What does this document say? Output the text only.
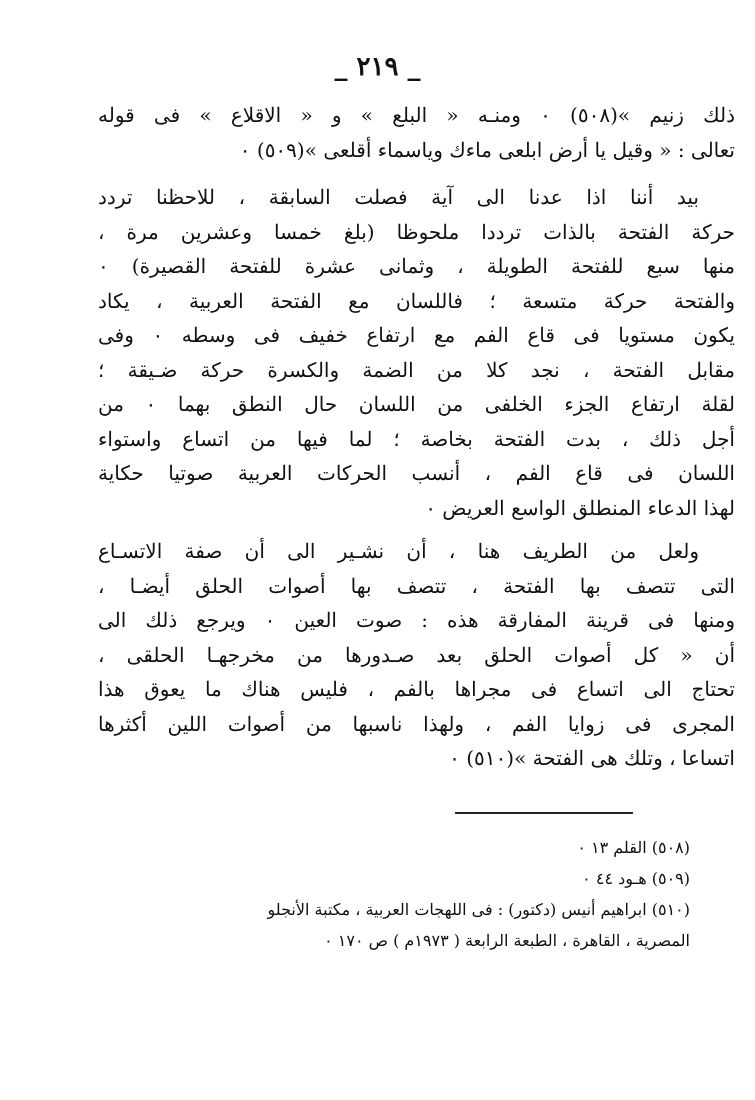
_ ٢١٩ _
ذلك زنيم »(٥٠٨) ٠ ومنـه « البلع » و « الاقلاع » فى قوله
تعالى : « وقيل يا أرض ابلعى ماءك وياسماء أقلعى »(٥٠٩) ٠
بيد أننا اذا عدنا الى آية فصلت السابقة ، للاحظنا تردد
حركة الفتحة بالذات ترددا ملحوظا (بلغ خمسا وعشرين مرة ،
منها سبع للفتحة الطويلة ، وثمانى عشرة للفتحة القصيرة) ٠
والفتحة حركة متسعة ؛ فاللسان مع الفتحة العربية ، يكاد
يكون مستويا فى قاع الفم مع ارتفاع خفيف فى وسطه ٠ وفى
مقابل الفتحة ، نجد كلا من الضمة والكسرة حركة ضـيقة ؛
لقلة ارتفاع الجزء الخلفى من اللسان حال النطق بهما ٠ من
أجل ذلك ، بدت الفتحة بخاصة ؛ لما فيها من اتساع واستواء
اللسان فى قاع الفم ، أنسب الحركات العربية صوتيا حكاية
لهذا الدعاء المنطلق الواسع العريض ٠
ولعل من الطريف هنا ، أن نشـير الى أن صفة الاتسـاع
التى تتصف بها الفتحة ، تتصف بها أصوات الحلق أيضـا ،
ومنها فى قرينة المفارقة هذه : صوت العين ٠ ويرجع ذلك الى
أن « كل أصوات الحلق بعد صـدورها من مخرجهـا الحلقى ،
تحتاج الى اتساع فى مجراها بالفم ، فليس هناك ما يعوق هذا
المجرى فى زوايا الفم ، ولهذا ناسبها من أصوات اللين أكثرها
اتساعا ، وتلك هى الفتحة »(٥١٠) ٠
(٥٠٨) القلم ١٣ ٠
(٥٠٩) هـود ٤٤ ٠
(٥١٠) ابراهيم أنيس (دكتور) : فى اللهجات العربية ، مكتبة الأنجلو
المصرية ، القاهرة ، الطبعة الرابعة ( ١٩٧٣م ) ص ١٧٠ ٠
